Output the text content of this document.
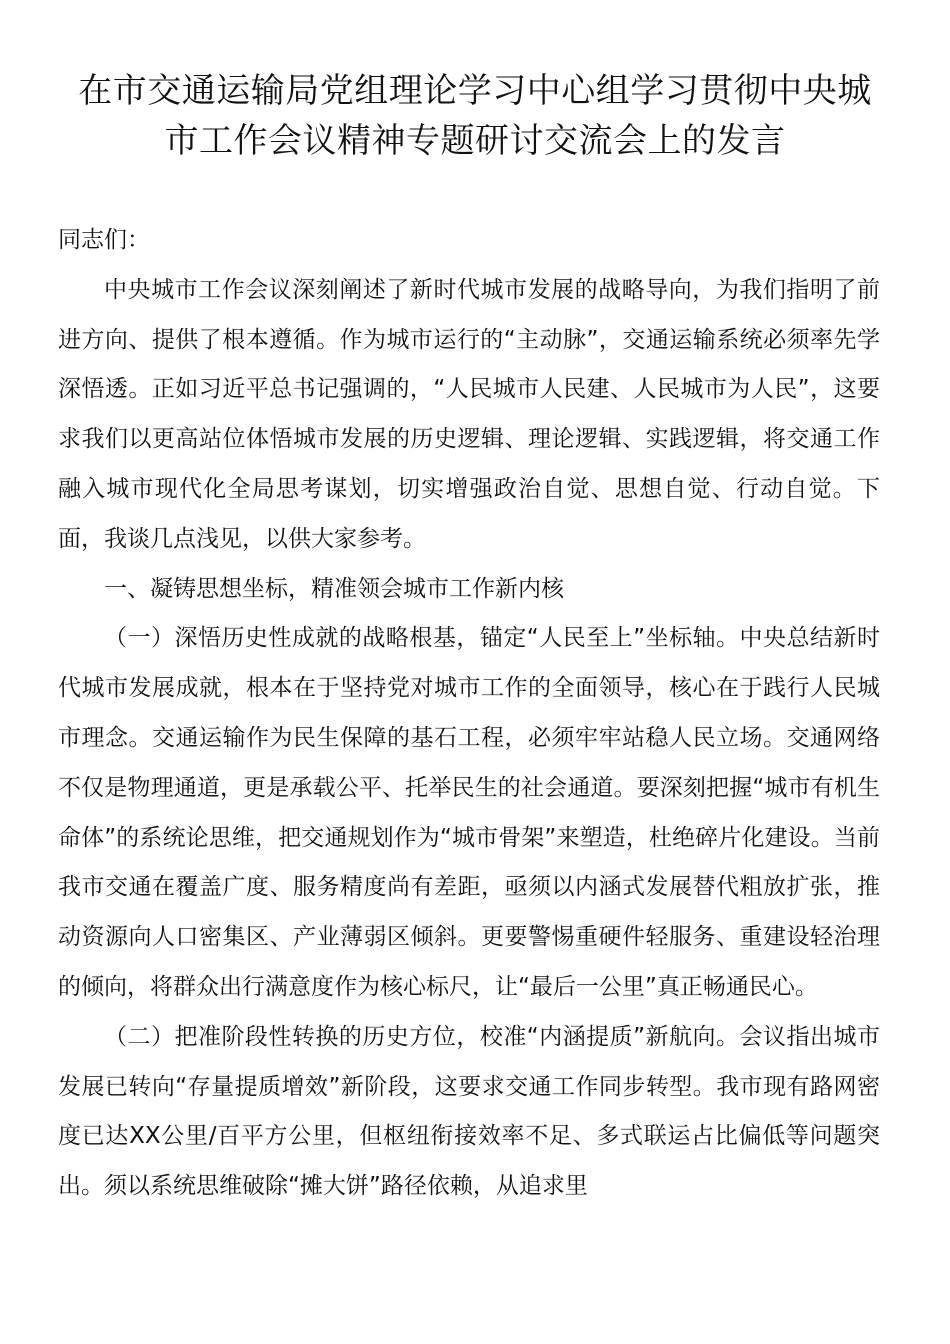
在市交通运输局党组理论学习中心组学习贯彻中央城
市工作会议精神专题研讨交流会上的发言

同志们：

中央城市工作会议深刻阐述了新时代城市发展的战略导向，为我们指明了前进方向、提供了根本遵循。作为城市运行的“主动脉”，交通运输系统必须率先学深悟透。正如习近平总书记强调的，“人民城市人民建、人民城市为人民”，这要求我们以更高站位体悟城市发展的历史逻辑、理论逻辑、实践逻辑，将交通工作融入城市现代化全局思考谋划，切实增强政治自觉、思想自觉、行动自觉。下面，我谈几点浅见，以供大家参考。

一、凝铸思想坐标，精准领会城市工作新内核

（一）深悟历史性成就的战略根基，锚定“人民至上”坐标轴。中央总结新时代城市发展成就，根本在于坚持党对城市工作的全面领导，核心在于践行人民城市理念。交通运输作为民生保障的基石工程，必须牢牢站稳人民立场。交通网络不仅是物理通道，更是承载公平、托举民生的社会通道。要深刻把握“城市有机生命体”的系统论思维，把交通规划作为“城市骨架”来塑造，杜绝碎片化建设。当前我市交通在覆盖广度、服务精度尚有差距，亟须以内涵式发展替代粗放扩张，推动资源向人口密集区、产业薄弱区倾斜。更要警惕重硬件轻服务、重建设轻治理的倾向，将群众出行满意度作为核心标尺，让“最后一公里”真正畅通民心。

（二）把准阶段性转换的历史方位，校准“内涵提质”新航向。会议指出城市发展已转向“存量提质增效”新阶段，这要求交通工作同步转型。我市现有路网密度已达XX公里/百平方公里，但枢纽衔接效率不足、多式联运占比偏低等问题突出。须以系统思维破除“摊大饼”路径依赖，从追求里
